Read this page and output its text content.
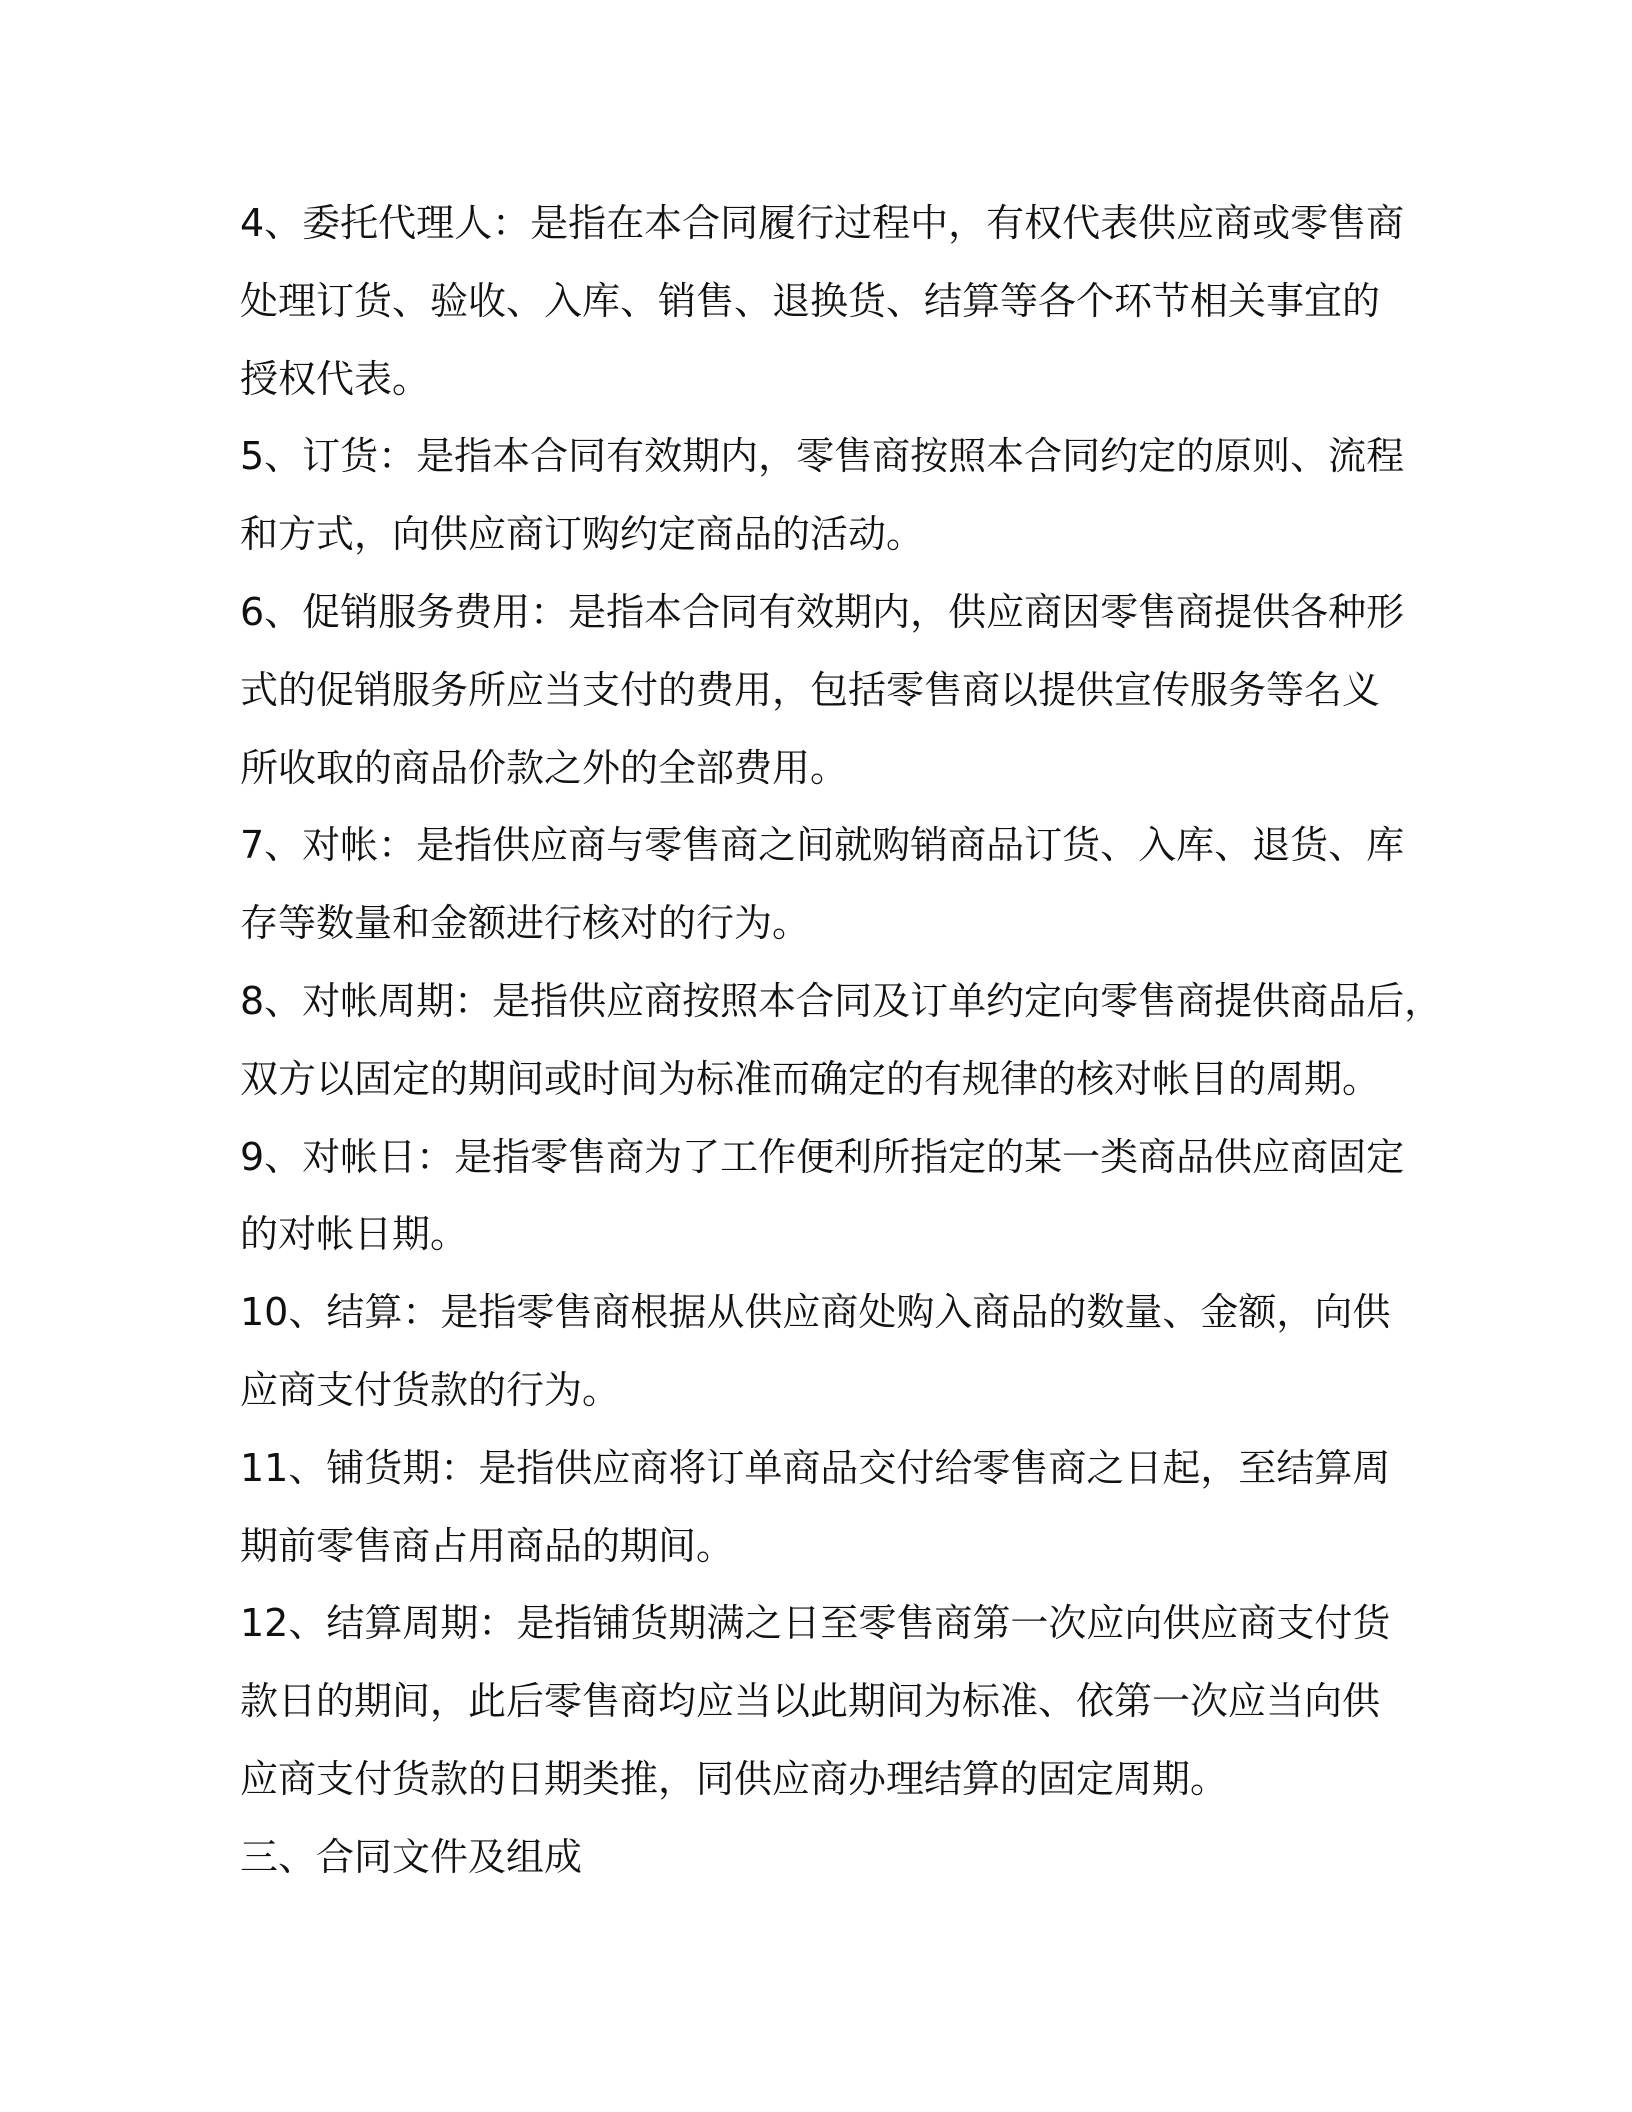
4、委托代理人：是指在本合同履行过程中，有权代表供应商或零售商
处理订货、验收、入库、销售、退换货、结算等各个环节相关事宜的
授权代表。
5、订货：是指本合同有效期内，零售商按照本合同约定的原则、流程
和方式，向供应商订购约定商品的活动。
6、促销服务费用：是指本合同有效期内，供应商因零售商提供各种形
式的促销服务所应当支付的费用，包括零售商以提供宣传服务等名义
所收取的商品价款之外的全部费用。
7、对帐：是指供应商与零售商之间就购销商品订货、入库、退货、库
存等数量和金额进行核对的行为。
8、对帐周期：是指供应商按照本合同及订单约定向零售商提供商品后，
双方以固定的期间或时间为标准而确定的有规律的核对帐目的周期。
9、对帐日：是指零售商为了工作便利所指定的某一类商品供应商固定
的对帐日期。
10、结算：是指零售商根据从供应商处购入商品的数量、金额，向供
应商支付货款的行为。
11、铺货期：是指供应商将订单商品交付给零售商之日起，至结算周
期前零售商占用商品的期间。
12、结算周期：是指铺货期满之日至零售商第一次应向供应商支付货
款日的期间，此后零售商均应当以此期间为标准、依第一次应当向供
应商支付货款的日期类推，同供应商办理结算的固定周期。
三、合同文件及组成
